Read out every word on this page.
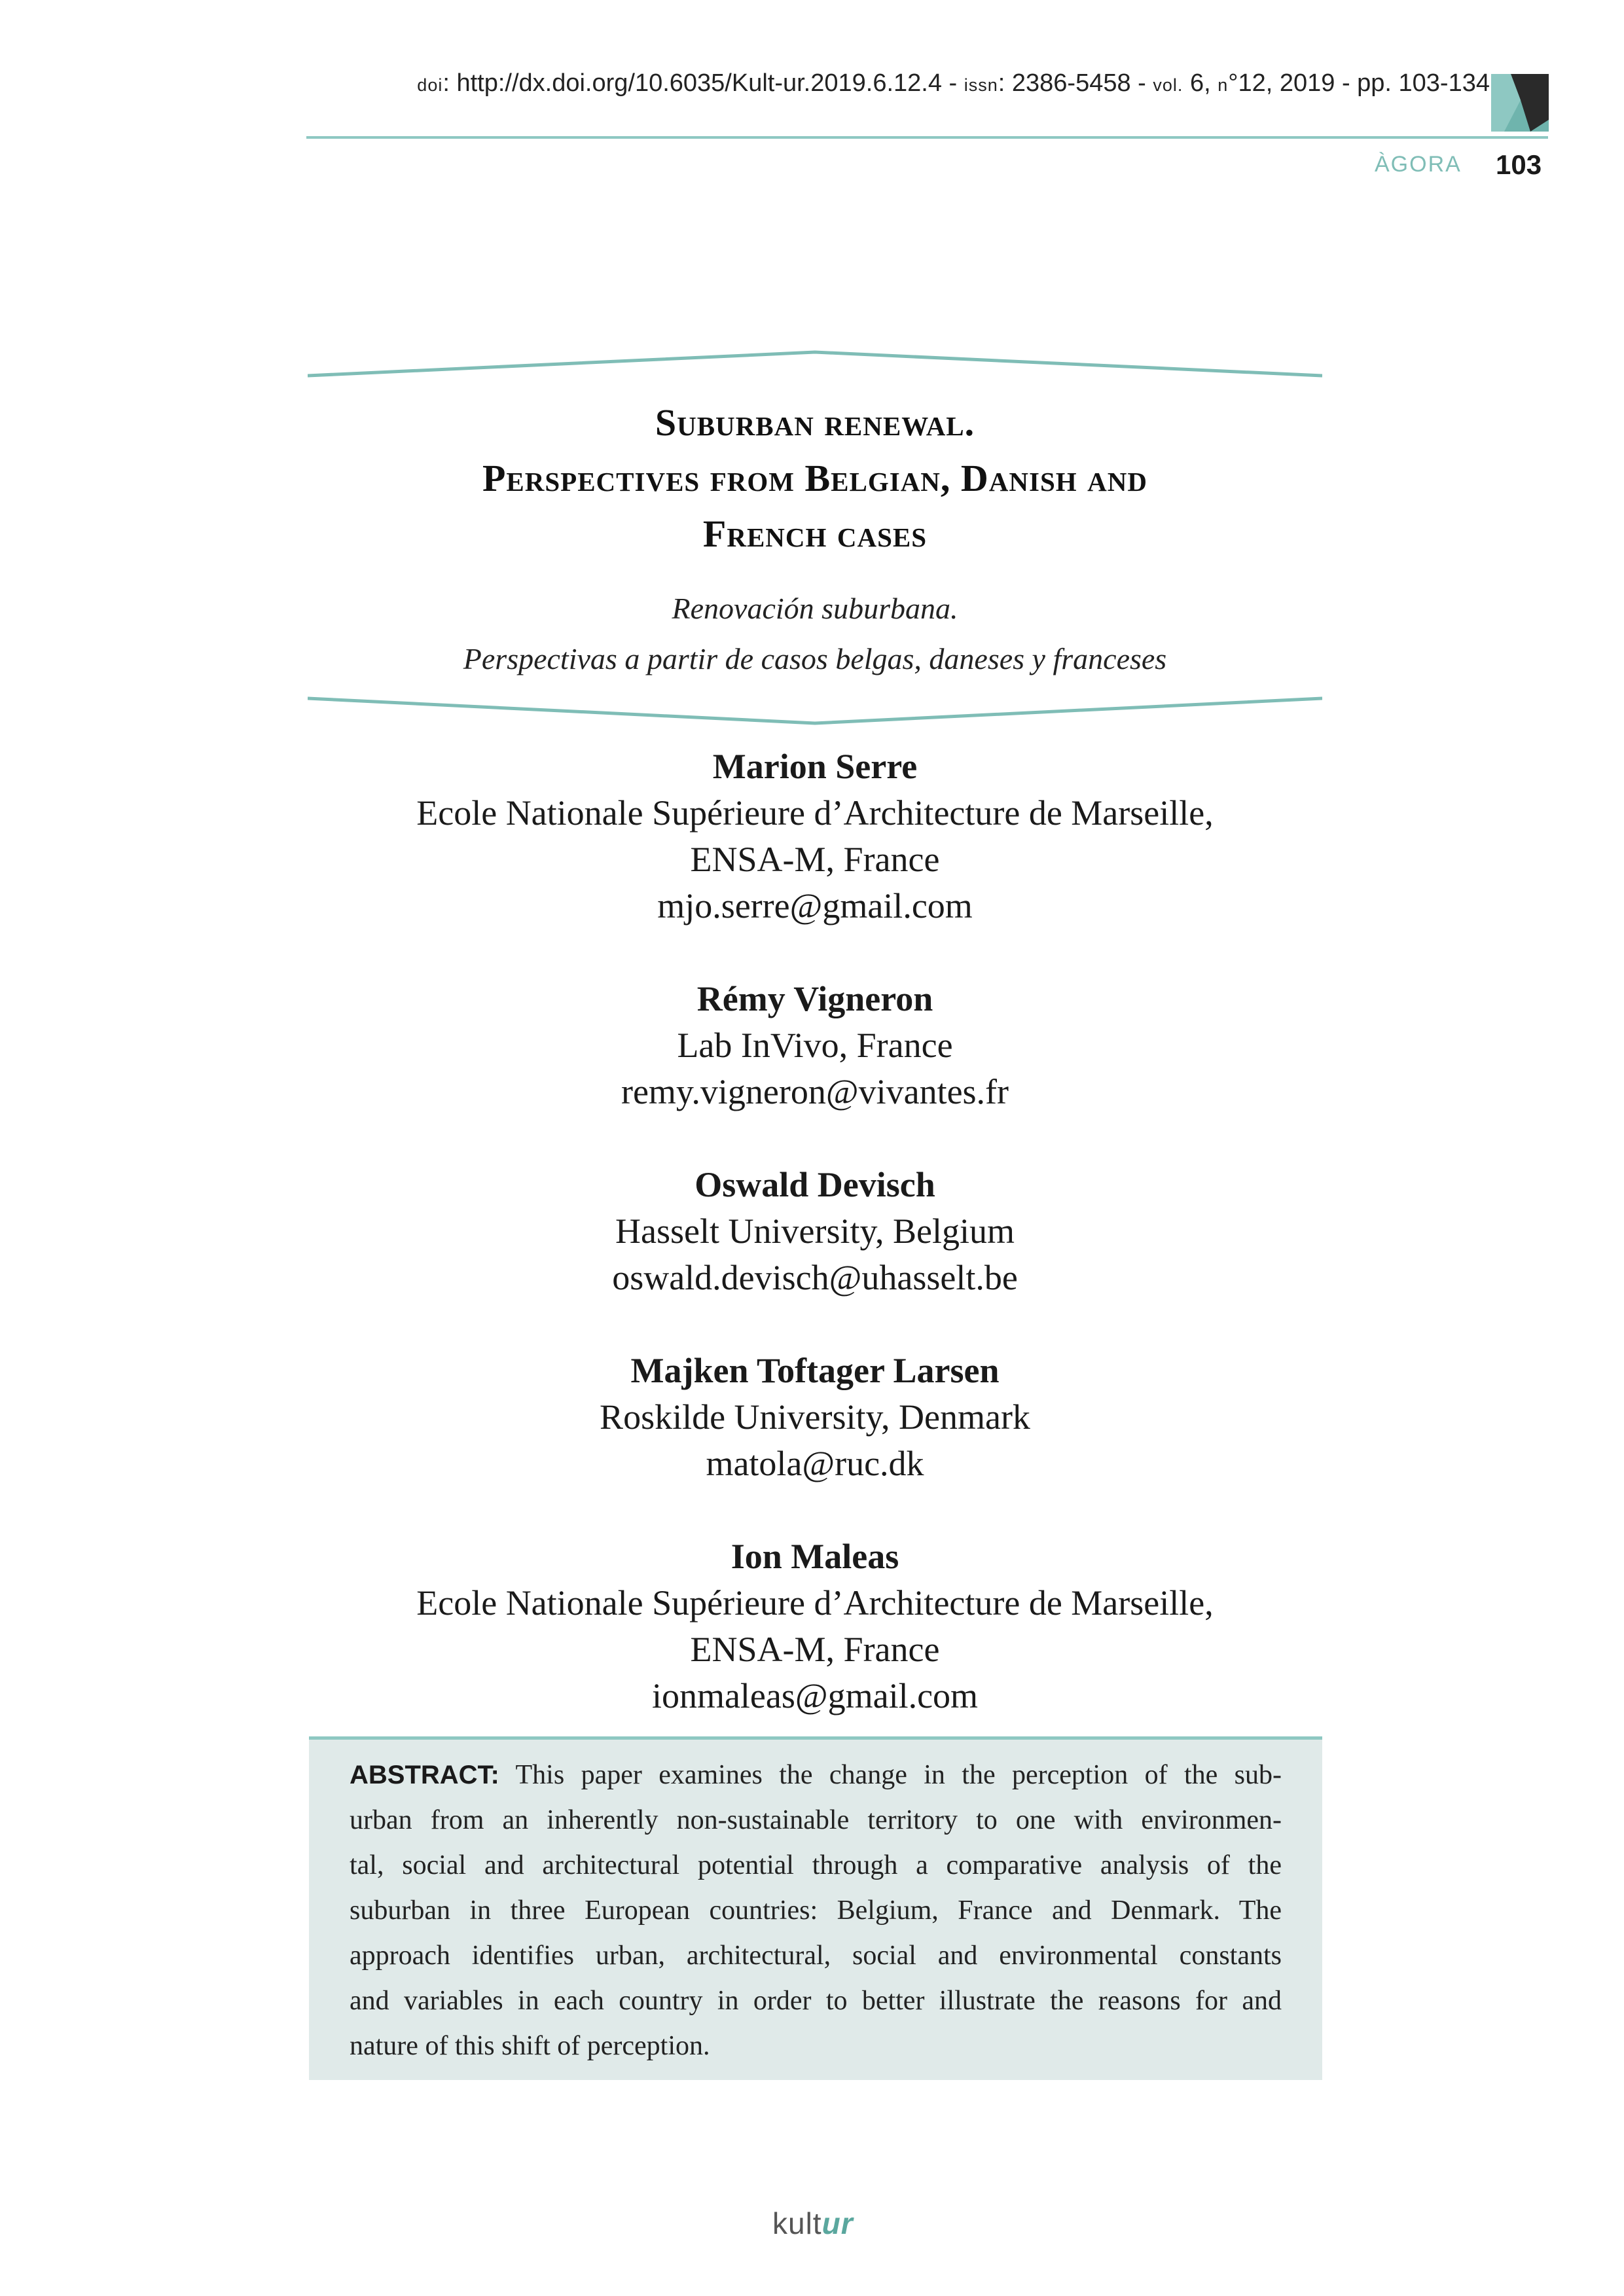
doi: http://dx.doi.org/10.6035/Kult-ur.2019.6.12.4 - issn: 2386-5458 - vol. 6, n°12, 2019 - pp. 103-134
ÀGORA 103
Suburban renewal.
Perspectives from Belgian, Danish and
French cases
Renovación suburbana.
Perspectivas a partir de casos belgas, daneses y franceses
Marion Serre
Ecole Nationale Supérieure d’Architecture de Marseille,
ENSA-M, France
mjo.serre@gmail.com
Rémy Vigneron
Lab InVivo, France
remy.vigneron@vivantes.fr
Oswald Devisch
Hasselt University, Belgium
oswald.devisch@uhasselt.be
Majken Toftager Larsen
Roskilde University, Denmark
matola@ruc.dk
Ion Maleas
Ecole Nationale Supérieure d’Architecture de Marseille,
ENSA-M, France
ionmaleas@gmail.com
ABSTRACT: This paper examines the change in the perception of the sub-
urban from an inherently non-sustainable territory to one with environmen-
tal, social and architectural potential through a comparative analysis of the
suburban in three European countries: Belgium, France and Denmark. The
approach identifies urban, architectural, social and environmental constants
and variables in each country in order to better illustrate the reasons for and
nature of this shift of perception.
kultur
